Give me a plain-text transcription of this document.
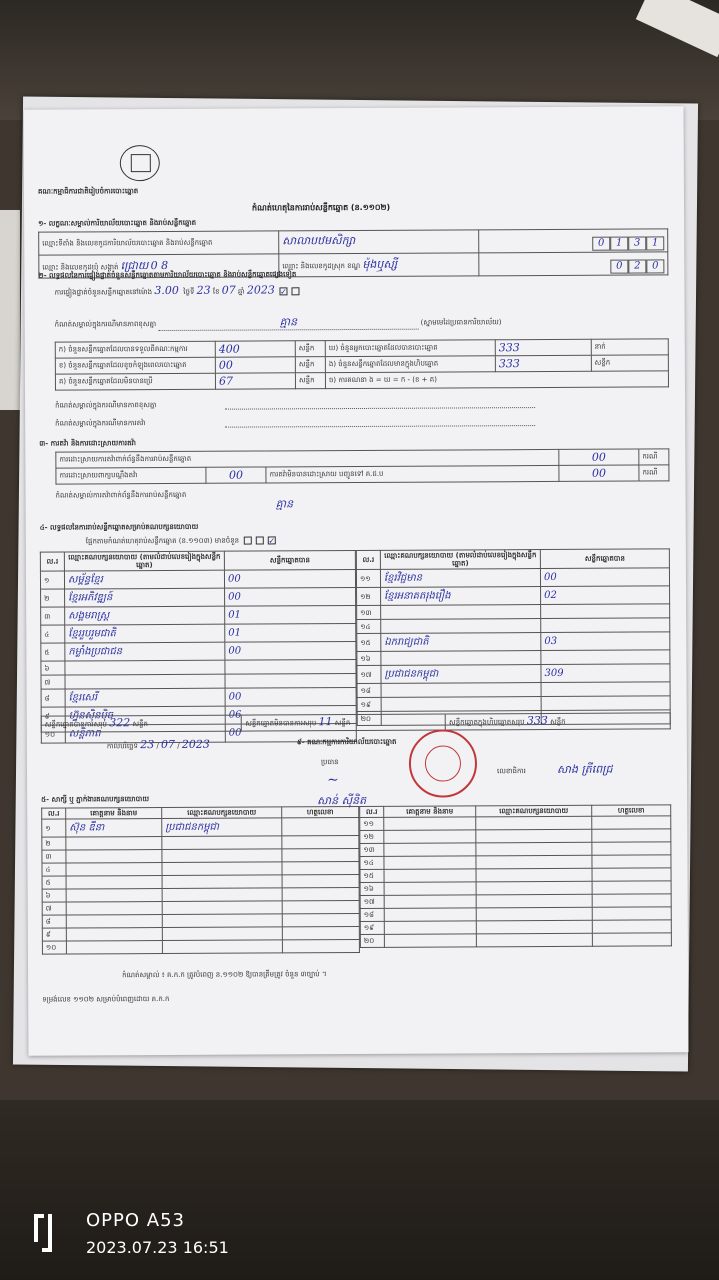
គណៈកម្មាធិការជាតិរៀបចំការបោះឆ្នោត
កំណត់ហេតុនៃការរាប់សន្លឹកឆ្នោត (ន.១១០២)
១- លក្ខណៈសម្គាល់ការិយាល័យបោះឆ្នោត និងរាប់សន្លឹកឆ្នោត
ឈ្មោះទីតាំង និងលេខកូដការិយាល័យបោះឆ្នោត និងរាប់សន្លឹកឆ្នោត	សាលាបឋមសិក្សា	0 1 3 1
ឈ្មោះ និងលេខកូដឃុំ សង្កាត់ ជ្រោយ 0 8	ឈ្មោះ និងលេខកូដស្រុក ខណ្ឌ ម៉ុងឬស្សី	0 2 0
២- លទ្ធផលនៃការផ្ទៀងផ្ទាត់ចំនួនសន្លឹកឆ្នោតតាមការិយាល័យបោះឆ្នោត និងរាប់សន្លឹកឆ្នោតផ្សេងទៀត
ការផ្ទៀងផ្ទាត់ចំនួនសន្លឹកឆ្នោតនៅម៉ោង 3.00  ថ្ងៃទី 23 ខែ 07 ឆ្នាំ 2023 ✓
កំណត់សម្គាល់ក្នុងករណីមានភាពខុសគ្នា	គ្មាន	(ស្នាមមេដៃប្រធានការិយាល័យ)
ក) ចំនួនសន្លឹកឆ្នោតដែលបានទទួលពីគណៈកម្មការ	400	សន្លឹក	ឃ) ចំនួនអ្នកបោះឆ្នោតដែលបានបោះឆ្នោត	333	នាក់
ខ) ចំនួនសន្លឹកឆ្នោតដែលខូចកំឡុងពេលបោះឆ្នោត	00	សន្លឹក	ង) ចំនួនសន្លឹកឆ្នោតដែលមានក្នុងហិបឆ្នោត	333	សន្លឹក
គ) ចំនួនសន្លឹកឆ្នោតដែលមិនបានប្រើ	67	សន្លឹក	ច) ការគណនា ង = ឃ = ក - (ខ + គ)		
កំណត់សម្គាល់ក្នុងករណីមានភាពខុសគ្នា
កំណត់សម្គាល់ក្នុងករណីមានការតវ៉ា
៣- ការតវ៉ា និងការដោះស្រាយការតវ៉ា
ការដោះស្រាយការតវ៉ាពាក់ព័ន្ធនឹងការរាប់សន្លឹកឆ្នោត			00	ករណី
ការដោះស្រាយពាក្យបណ្ដឹងតវ៉ា	00	ការតវ៉ាមិនបានដោះស្រាយ បញ្ជូនទៅ គ.ជ.ប	00	ករណី
កំណត់សម្គាល់ការតវ៉ាពាក់ព័ន្ធនឹងការរាប់សន្លឹកឆ្នោត
គ្មាន
៤- លទ្ធផលនៃការរាប់សន្លឹកឆ្នោតសម្រាប់គណបក្សនយោបាយ
ផ្អែកតាមកំណត់ហេតុរាប់សន្លឹកឆ្នោត (ន.១១០៣) មានចំនួន	✓
ល.រ	ឈ្មោះគណបក្សនយោបាយ (តាមលំដាប់លេខរៀងក្នុងសន្លឹកឆ្នោត)	សន្លឹកឆ្នោតបាន
១	សម្ព័ន្ធខ្មែរ	00
២	ខ្មែរអភិវឌ្ឍន៍	00
៣	សង្គមរាស្ត្រ	01
៤	ខ្មែររួបរួមជាតិ	01
៥	កម្លាំងប្រជាជន	00
៦		
៧		
៨	ខ្មែរសេរី	00
៩	ហ្វ៊ុនស៊ិនប៉ិច	06
១០	សន្តិភាព	00
ល.រ	ឈ្មោះគណបក្សនយោបាយ (តាមលំដាប់លេខរៀងក្នុងសន្លឹកឆ្នោត)	សន្លឹកឆ្នោតបាន
១១	ខ្មែរវិជ្ជមាន	00
១២	ខ្មែរអនាគតរុងរឿង	02
១៣		
១៤		
១៥	ឯករាជ្យជាតិ	03
១៦		
១៧	ប្រជាជនកម្ពុជា	309
១៨		
១៩		
២០		
សន្លឹកឆ្នោតបានការសរុប 322 សន្លឹក	សន្លឹកឆ្នោតមិនបានការសរុប 11 សន្លឹក	សន្លឹកឆ្នោតក្នុងហិបឆ្នោតសរុប 333 សន្លឹក
កាលបរិច្ឆេទ 23 / 07 / 2023	៩- គណៈកម្មការការិយាល័យបោះឆ្នោត
ប្រធាន
~
សាន់ ស៊ីនិត
លេខាធិការ	សាង ត្រីពេជ្រ
៥- សាក្សី ឬ ភ្នាក់ងារគណបក្សនយោបាយ
ល.រ	គោត្តនាម និងនាម	ឈ្មោះគណបក្សនយោបាយ	ហត្ថលេខា
១	ស៊ុន ឌីនា	ប្រជាជនកម្ពុជា	
២			
៣			
៤			
៥			
៦			
៧			
៨			
៩			
១០			
ល.រ	គោត្តនាម និងនាម	ឈ្មោះគណបក្សនយោបាយ	ហត្ថលេខា
១១			
១២			
១៣			
១៤			
១៥			
១៦			
១៧			
១៨			
១៩			
២០			
កំណត់សម្គាល់ ៖ គ.ក.ក ត្រូវបំពេញ ន.១១០២ ឱ្យបានត្រឹមត្រូវ ចំនួន ៣ច្បាប់ ។
ទម្រង់លេខ ១១០២ សម្រាប់បំពេញដោយ គ.ក.ក
OPPO A53
2023.07.23 16:51
